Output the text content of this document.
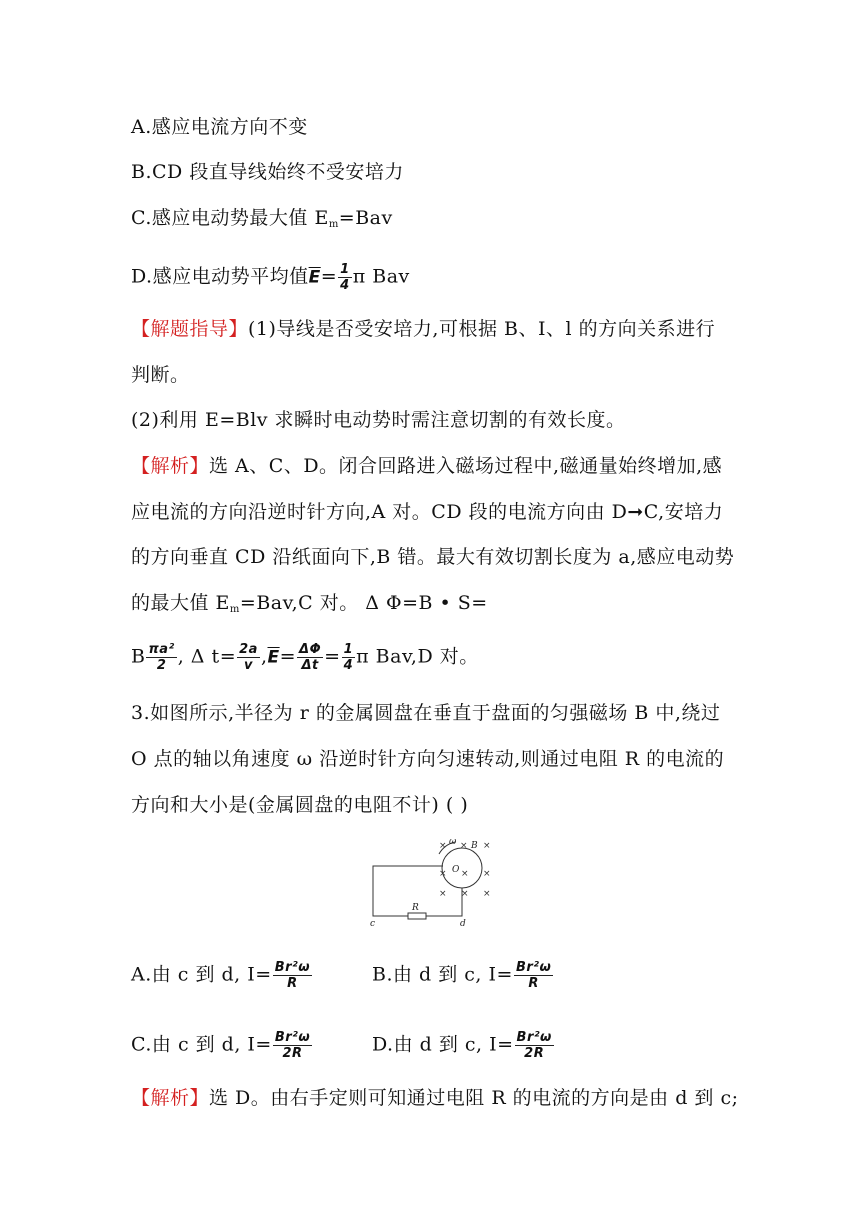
A.感应电流方向不变
B.CD 段直导线始终不受安培力
C.感应电动势最大值 $E_m=Bav$
D.感应电动势平均值$\overline{E}= \frac{1}{4}$ π Bav
【解题指导】(1)导线是否受安培力,可根据 B、I、l 的方向关系进行
判断。
(2)利用 E=Blv 求瞬时电动势时需注意切割的有效长度。
【解析】选 A、C、D。闭合回路进入磁场过程中,磁通量始终增加,感
应电流的方向沿逆时针方向,A 对。CD 段的电流方向由 D➞C,安培力
的方向垂直 CD 沿纸面向下,B 错。最大有效切割长度为 a,感应电动势
的最大值 $E_m=Bav,C$ 对。 Δ Φ=B • S=
B $\frac{\text{πa²}}{2}$ , Δ $t= \frac{2a}{v} ,\overline{E}= \frac{\Delta\Phi}{\Delta t} = \frac{1}{4}$ π Bav,D 对。
3.如图所示,半径为 r 的金属圆盘在垂直于盘面的匀强磁场 B 中,绕过
O 点的轴以角速度 ω 沿逆时针方向匀速转动,则通过电阻 R 的电流的
方向和大小是(金属圆盘的电阻不计) ( )
ω B
O
R
c	d
× × ×
× × ×
× × ×
A.由 c 到 d, $I= \frac{\text{Br²ω}}{R}$	B.由 d 到 c, $I= \frac{\text{Br²ω}}{R}$
C.由 c 到 d, $I= \frac{\text{Br²ω}}{2R}$	D.由 d 到 c, $I= \frac{\text{Br²ω}}{2R}$
【解析】选 D。由右手定则可知通过电阻 R 的电流的方向是由 d 到 c;
